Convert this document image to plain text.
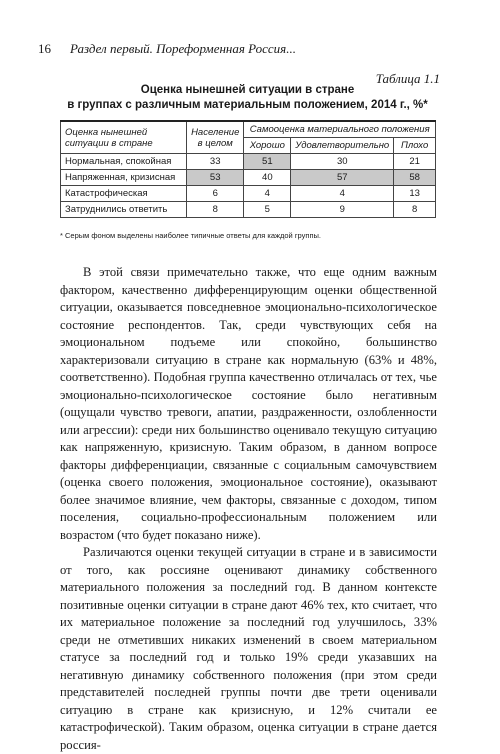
16 Раздел первый. Пореформенная Россия...
Таблица 1.1
Оценка нынешней ситуации в стране
в группах с различным материальным положением, 2014 г., %*
Оценка нынешней ситуации в стране	Население в целом	Самооценка материального положения		
		Хорошо	Удовлетворительно	Плохо
Нормальная, спокойная	33	51	30	21
Напряженная, кризисная	53	40	57	58
Катастрофическая	6	4	4	13
Затруднились ответить	8	5	9	8
* Серым фоном выделены наиболее типичные ответы для каждой группы.

В этой связи примечательно также, что еще одним важным фактором, качественно дифференцирующим оценки общественной ситуации, оказывается повседневное эмоционально-психологическое состояние респондентов. Так, среди чувствующих себя на эмоциональном подъеме или спокойно, большинство характеризовали ситуацию в стране как нормальную (63% и 48%, соответственно). Подобная группа качественно отличалась от тех, чье эмоционально-психологическое состояние было негативным (ощущали чувство тревоги, апатии, раздраженности, озлобленности или агрессии): среди них большинство оценивало текущую ситуацию как напряженную, кризисную. Таким образом, в данном вопросе факторы дифференциации, связанные с социальным самочувствием (оценка своего положения, эмоциональное состояние), оказывают более значимое влияние, чем факторы, связанные с доходом, типом поселения, социально-профессиональным положением или возрастом (что будет показано ниже).

Различаются оценки текущей ситуации в стране и в зависимости от того, как россияне оценивают динамику собственного материального положения за последний год. В данном контексте позитивные оценки ситуации в стране дают 46% тех, кто считает, что их материальное положение за последний год улучшилось, 33% среди не отметивших никаких изменений в своем материальном статусе за последний год и только 19% среди указавших на негативную динамику собственного положения (при этом среди представителей последней группы почти две трети оценивали ситуацию в стране как кризисную, и 12% считали ее катастрофической). Таким образом, оценка ситуации в стране дается россия-
